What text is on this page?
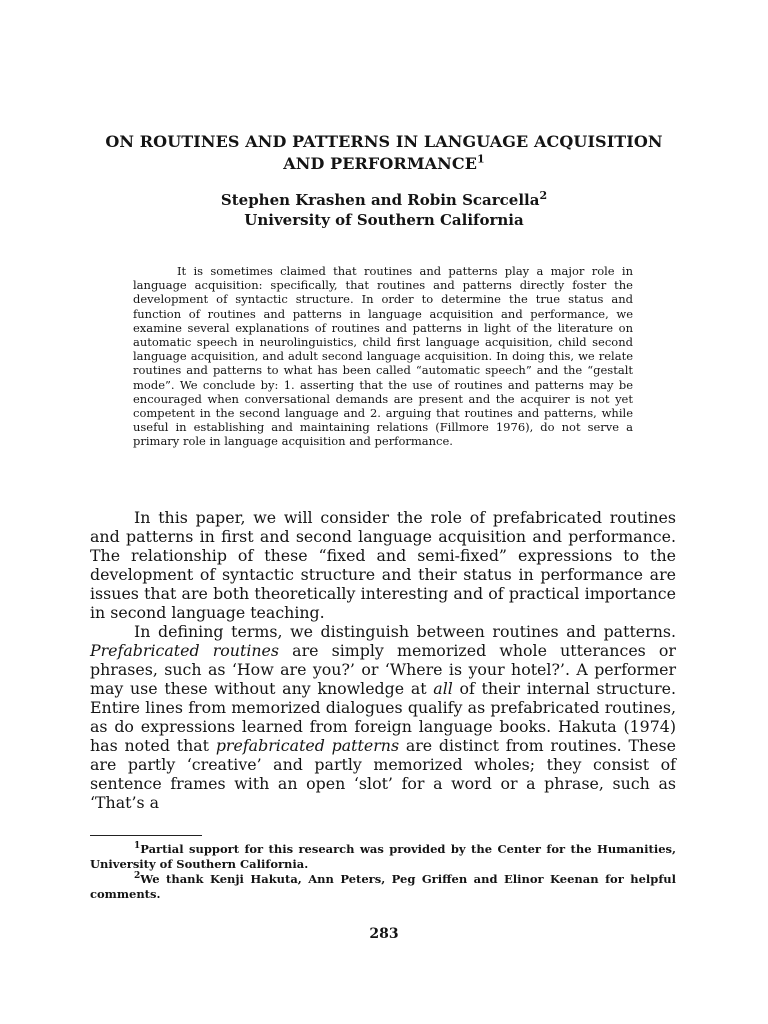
ON ROUTINES AND PATTERNS IN LANGUAGE ACQUISITION
AND PERFORMANCE$^1$
Stephen Krashen and Robin Scarcella$^2$
University of Southern California

It is sometimes claimed that routines and patterns play a major role in language acquisition: specifically, that routines and patterns directly foster the development of syntactic structure. In order to determine the true status and function of routines and patterns in language acquisition and performance, we examine several explanations of routines and patterns in light of the literature on automatic speech in neurolinguistics, child first language acquisition, child second language acquisition, and adult second language acquisition. In doing this, we relate routines and patterns to what has been called “automatic speech” and the “gestalt mode”. We conclude by: 1. asserting that the use of routines and patterns may be encouraged when conversational demands are present and the acquirer is not yet competent in the second language and 2. arguing that routines and patterns, while useful in establishing and maintaining relations (Fillmore 1976), do not serve a primary role in language acquisition and performance.

In this paper, we will consider the role of prefabricated routines and patterns in first and second language acquisition and performance. The relationship of these “fixed and semi-fixed” expressions to the development of syntactic structure and their status in performance are issues that are both theoretically interesting and of practical importance in second language teaching.

In defining terms, we distinguish between routines and patterns. Prefabricated routines are simply memorized whole utterances or phrases, such as ‘How are you?’ or ‘Where is your hotel?’. A performer may use these without any knowledge at all of their internal structure. Entire lines from memorized dialogues qualify as prefabricated routines, as do expressions learned from foreign language books. Hakuta (1974) has noted that prefabricated patterns are distinct from routines. These are partly ‘creative’ and partly memorized wholes; they consist of sentence frames with an open ‘slot’ for a word or a phrase, such as ‘That’s a

$^1$Partial support for this research was provided by the Center for the Humanities, University of Southern California.

$^2$We thank Kenji Hakuta, Ann Peters, Peg Griffen and Elinor Keenan for helpful comments.

283
